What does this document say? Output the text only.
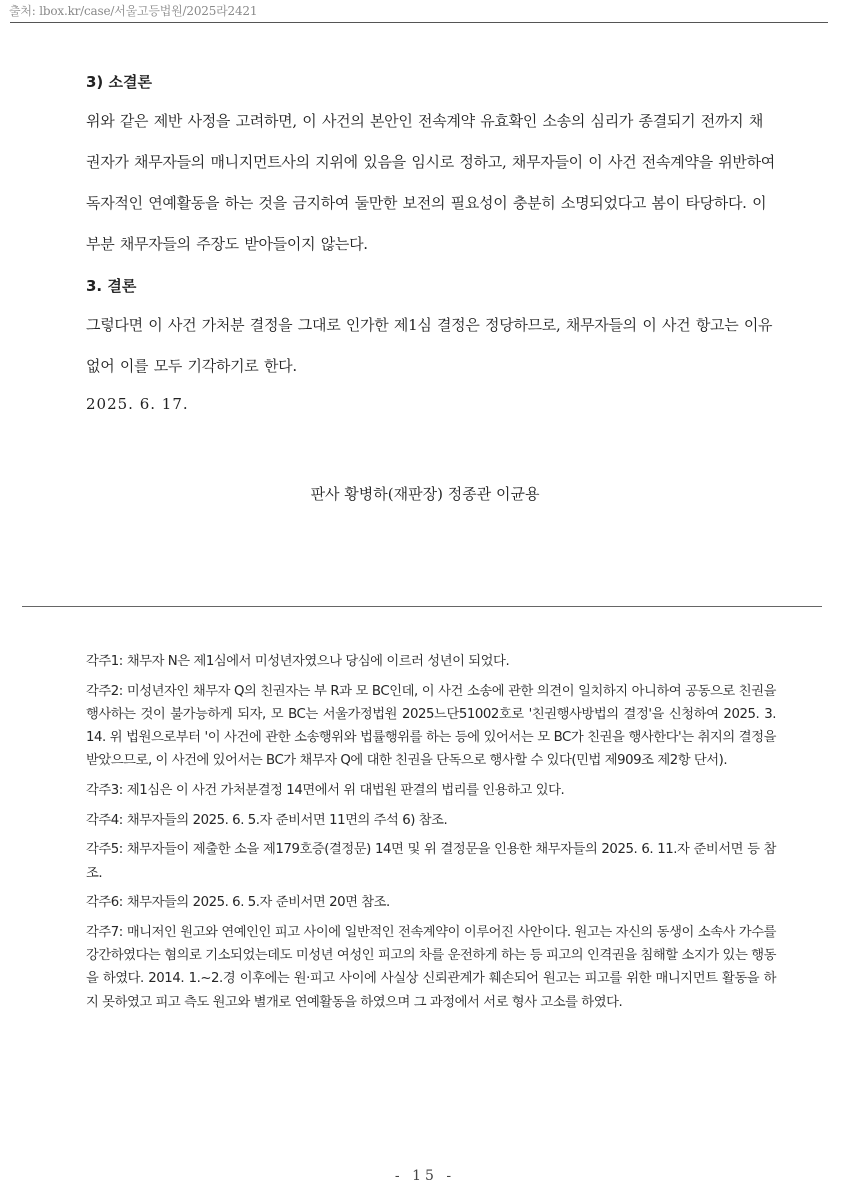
출처: lbox.kr/case/서울고등법원/2025라2421
3) 소결론

위와 같은 제반 사정을 고려하면, 이 사건의 본안인 전속계약 유효확인 소송의 심리가 종결되기 전까지 채권자가 채무자들의 매니지먼트사의 지위에 있음을 임시로 정하고, 채무자들이 이 사건 전속계약을 위반하여 독자적인 연예활동을 하는 것을 금지하여 둘만한 보전의 필요성이 충분히 소명되었다고 봄이 타당하다. 이 부분 채무자들의 주장도 받아들이지 않는다.

3. 결론

그렇다면 이 사건 가처분 결정을 그대로 인가한 제1심 결정은 정당하므로, 채무자들의 이 사건 항고는 이유 없어 이를 모두 기각하기로 한다.

2025. 6. 17.
판사 황병하(재판장) 정종관 이균용

각주1: 채무자 N은 제1심에서 미성년자였으나 당심에 이르러 성년이 되었다.

각주2: 미성년자인 채무자 Q의 친권자는 부 R과 모 BC인데, 이 사건 소송에 관한 의견이 일치하지 아니하여 공동으로 친권을 행사하는 것이 불가능하게 되자, 모 BC는 서울가정법원 2025느단51002호로 '친권행사방법의 결정'을 신청하여 2025. 3. 14. 위 법원으로부터 '이 사건에 관한 소송행위와 법률행위를 하는 등에 있어서는 모 BC가 친권을 행사한다'는 취지의 결정을 받았으므로, 이 사건에 있어서는 BC가 채무자 Q에 대한 친권을 단독으로 행사할 수 있다(민법 제909조 제2항 단서).

각주3: 제1심은 이 사건 가처분결정 14면에서 위 대법원 판결의 법리를 인용하고 있다.

각주4: 채무자들의 2025. 6. 5.자 준비서면 11면의 주석 6) 참조.

각주5: 채무자들이 제출한 소을 제179호증(결정문) 14면 및 위 결정문을 인용한 채무자들의 2025. 6. 11.자 준비서면 등 참조.

각주6: 채무자들의 2025. 6. 5.자 준비서면 20면 참조.

각주7: 매니저인 원고와 연예인인 피고 사이에 일반적인 전속계약이 이루어진 사안이다. 원고는 자신의 동생이 소속사 가수를 강간하였다는 혐의로 기소되었는데도 미성년 여성인 피고의 차를 운전하게 하는 등 피고의 인격권을 침해할 소지가 있는 행동을 하였다. 2014. 1.~2.경 이후에는 원·피고 사이에 사실상 신뢰관계가 훼손되어 원고는 피고를 위한 매니지먼트 활동을 하지 못하였고 피고 측도 원고와 별개로 연예활동을 하였으며 그 과정에서 서로 형사 고소를 하였다.

- 15 -
